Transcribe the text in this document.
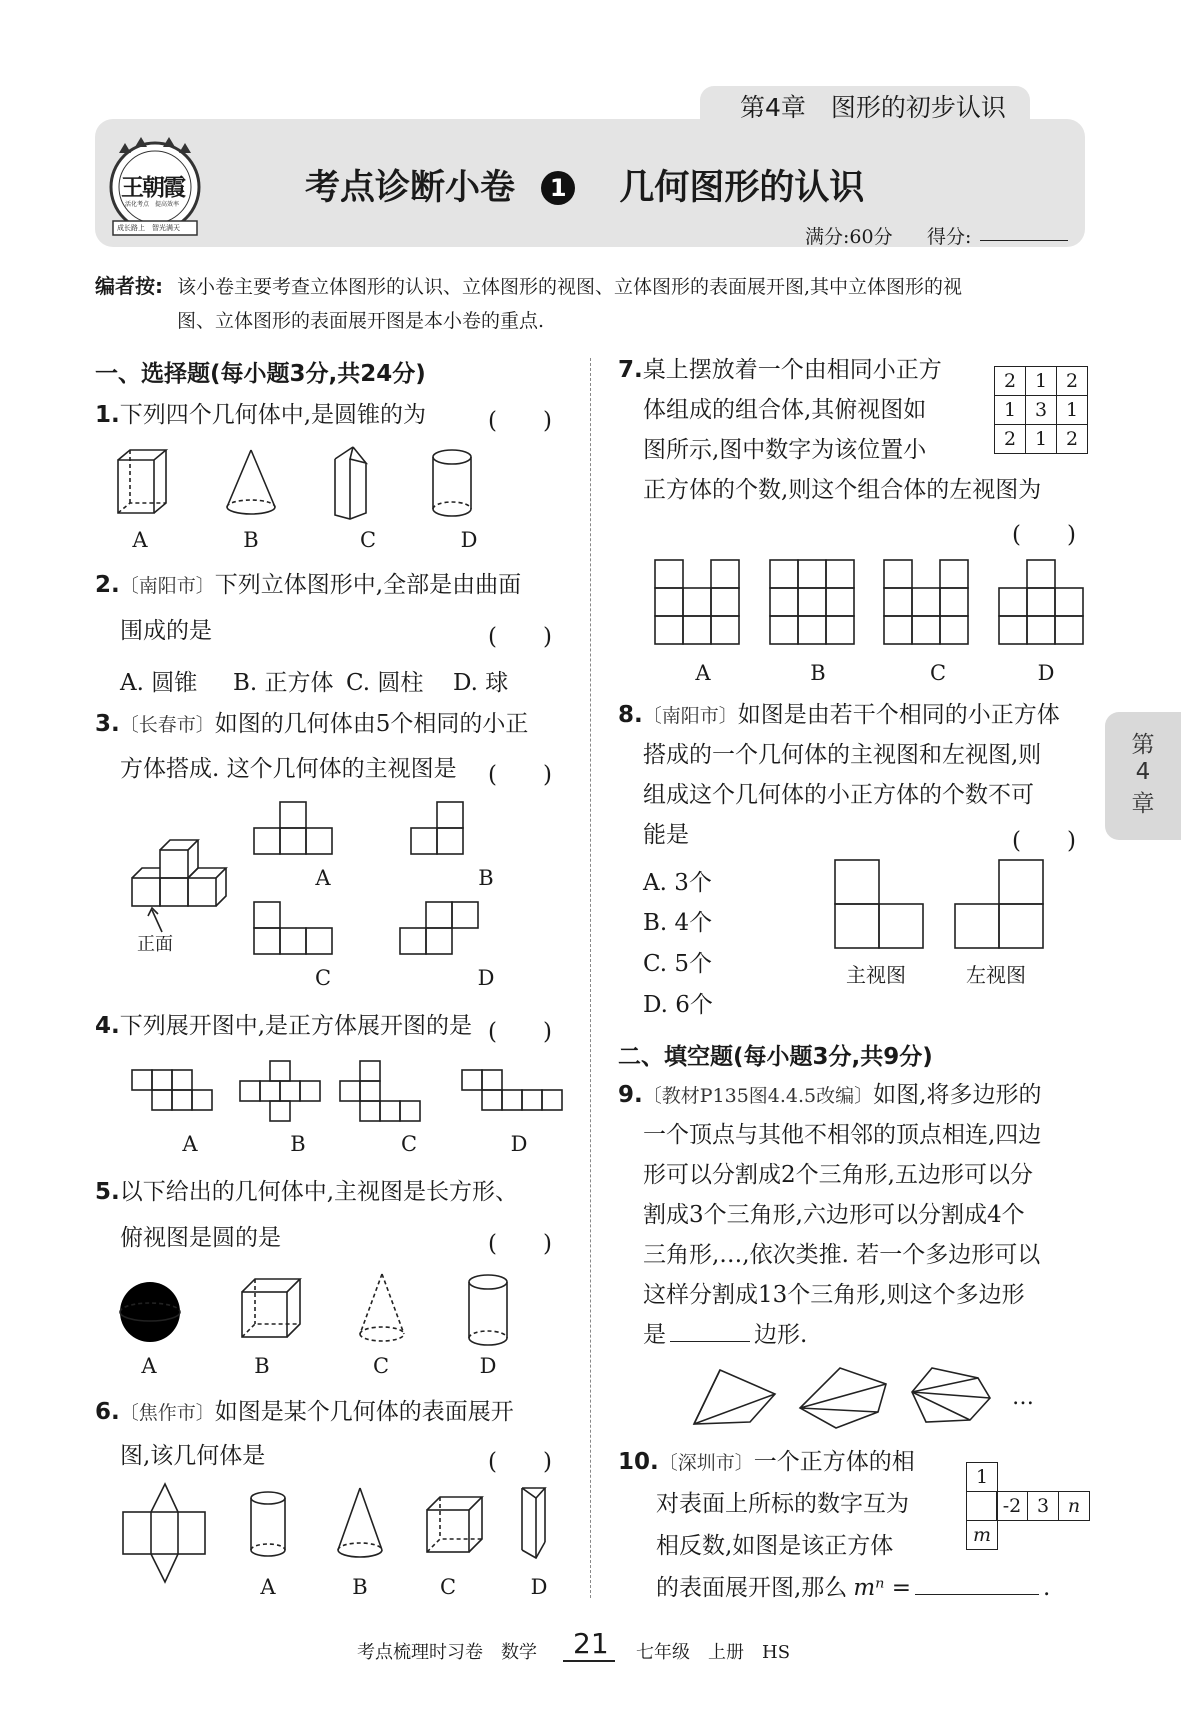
第4章　图形的初步认识
王朝霞
活化考点　提高效率
成长路上　智光满天
考点诊断小卷 1 几何图形的认识
满分:60分 得分:
编者按: 该小卷主要考查立体图形的认识、立体图形的视图、立体图形的表面展开图,其中立体图形的视
图、立体图形的表面展开图是本小卷的重点.
一、选择题(每小题3分,共24分)
1.下列四个几何体中,是圆锥的为	(　　)
A	B	C	D
2.〔南阳市〕下列立体图形中,全部是由曲面
围成的是	(　　)
A. 圆锥 B. 正方体 C. 圆柱 D. 球
3.〔长春市〕如图的几何体由5个相同的小正
方体搭成. 这个几何体的主视图是 (　　)
正面
A	B
C	D
4.下列展开图中,是正方体展开图的是 (　　)
A	B	C	D
5.以下给出的几何体中,主视图是长方形、
俯视图是圆的是	(　　)
A	B	C	D
6.〔焦作市〕如图是某个几何体的表面展开
图,该几何体是	(　　)
A	B	C	D
7.桌上摆放着一个由相同小正方
体组成的组合体,其俯视图如
图所示,图中数字为该位置小
正方体的个数,则这个组合体的左视图为
(　　)
2	1	2
1	3	1
2	1	2
A	B	C	D
8.〔南阳市〕如图是由若干个相同的小正方体
搭成的一个几何体的主视图和左视图,则
组成这个几何体的小正方体的个数不可
能是	(　　)
A. 3个
B. 4个
C. 5个
D. 6个
主视图	左视图
二、填空题(每小题3分,共9分)
9.〔教材P135图4.4.5改编〕如图,将多边形的
一个顶点与其他不相邻的顶点相连,四边
形可以分割成2个三角形,五边形可以分
割成3个三角形,六边形可以分割成4个
三角形,…,依次类推. 若一个多边形可以
这样分割成13个三角形,则这个多边形
是	边形.
…
10.〔深圳市〕一个正方体的相
对表面上所标的数字互为
相反数,如图是该正方体
的表面展开图,那么 mⁿ =	.
1
-2 3 n
m
第
4
章
考点梳理时习卷　数学 21 七年级　上册　HS
